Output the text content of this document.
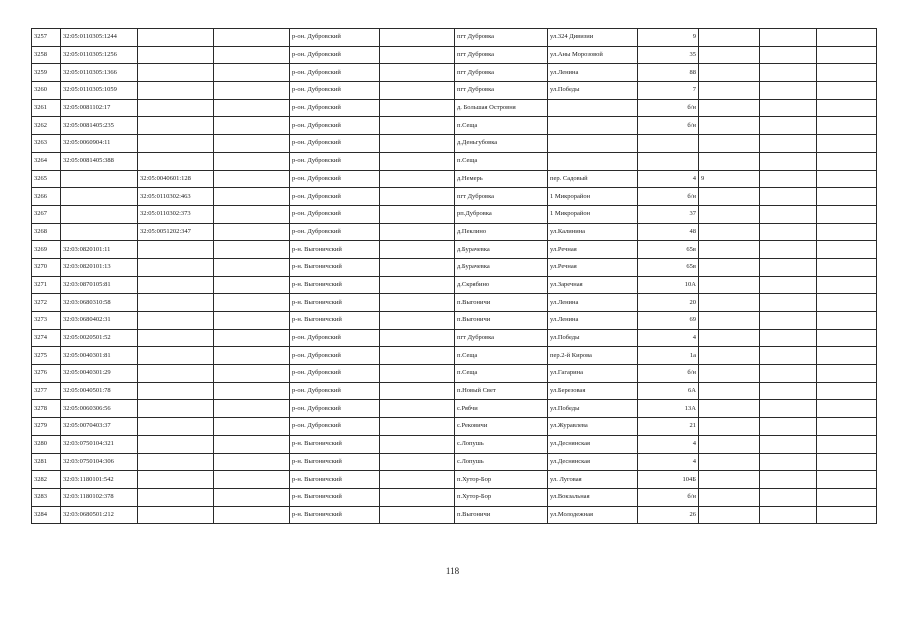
3257	32:05:0110305:1244			р-он. Дубровский		пгт Дубровка	ул.324 Дивизии	9			
3258	32:05:0110305:1256			р-он. Дубровский		пгт Дубровка	ул.Аны Морозовой	35			
3259	32:05:0110305:1366			р-он. Дубровский		пгт Дубровка	ул.Ленина	88			
3260	32:05:0110305:1059			р-он. Дубровский		пгт Дубровка	ул.Победы	7			
3261	32:05:0081102:17			р-он. Дубровский		д. Большая Островня		б/н			
3262	32:05:0081405:235			р-он. Дубровский		п.Сеща		б/н			
3263	32:05:0060904:11			р-он. Дубровский		д.Деньгубовка					
3264	32:05:0081405:388			р-он. Дубровский		п.Сеща					
3265		32:05:0040601:128		р-он. Дубровский		д.Немерь	пер. Садовый	4	9		
3266		32:05:0110302:463		р-он. Дубровский		пгт Дубровка	1 Микрорайон	б/н			
3267		32:05:0110302:373		р-он. Дубровский		рп.Дубровка	1 Микрорайон	37			
3268		32:05:0051202:347		р-он. Дубровский		д.Пеклино	ул.Калинина	48			
3269	32:03:0820101:11			р-н. Выгоничский		д.Бурачевка	ул.Речная	65в			
3270	32:03:0820101:13			р-н. Выгоничский		д.Бурачевка	ул.Речная	65в			
3271	32:03:0870105:81			р-н. Выгоничский		д.Скрябино	ул.Заречная	10А			
3272	32:03:0680310:58			р-н. Выгоничский		п.Выгоничи	ул.Ленина	20			
3273	32:03:0680402:31			р-н. Выгоничский		п.Выгоничи	ул.Ленина	69			
3274	32:05:0020501:52			р-он. Дубровский		пгт Дубровка	ул.Победы	4			
3275	32:05:0040301:81			р-он. Дубровский		п.Сеща	пер.2-й Кирова	1а			
3276	32:05:0040301:29			р-он. Дубровский		п.Сеща	ул.Гагарина	б/н			
3277	32:05:0040501:78			р-он. Дубровский		п.Новый Свет	ул.Березовая	6А			
3278	32:05:0060306:56			р-он. Дубровский		с.Рябчи	ул.Победы	13А			
3279	32:05:0070403:37			р-он. Дубровский		с.Рековичи	ул.Журавлева	21			
3280	32:03:0750104:321			р-н. Выгоничский		с.Лопушь	ул.Деснянская	4			
3281	32:03:0750104:306			р-н. Выгоничский		с.Лопушь	ул.Деснянская	4			
3282	32:03:1180101:542			р-н. Выгоничский		п.Хутор-Бор	ул. Луговая	104Б			
3283	32:03:1180102:378			р-н. Выгоничский		п.Хутор-Бор	ул.Вокзальная	б/н			
3284	32:03:0680501:212			р-н. Выгоничский		п.Выгоничи	ул.Молодежная	26			
118
